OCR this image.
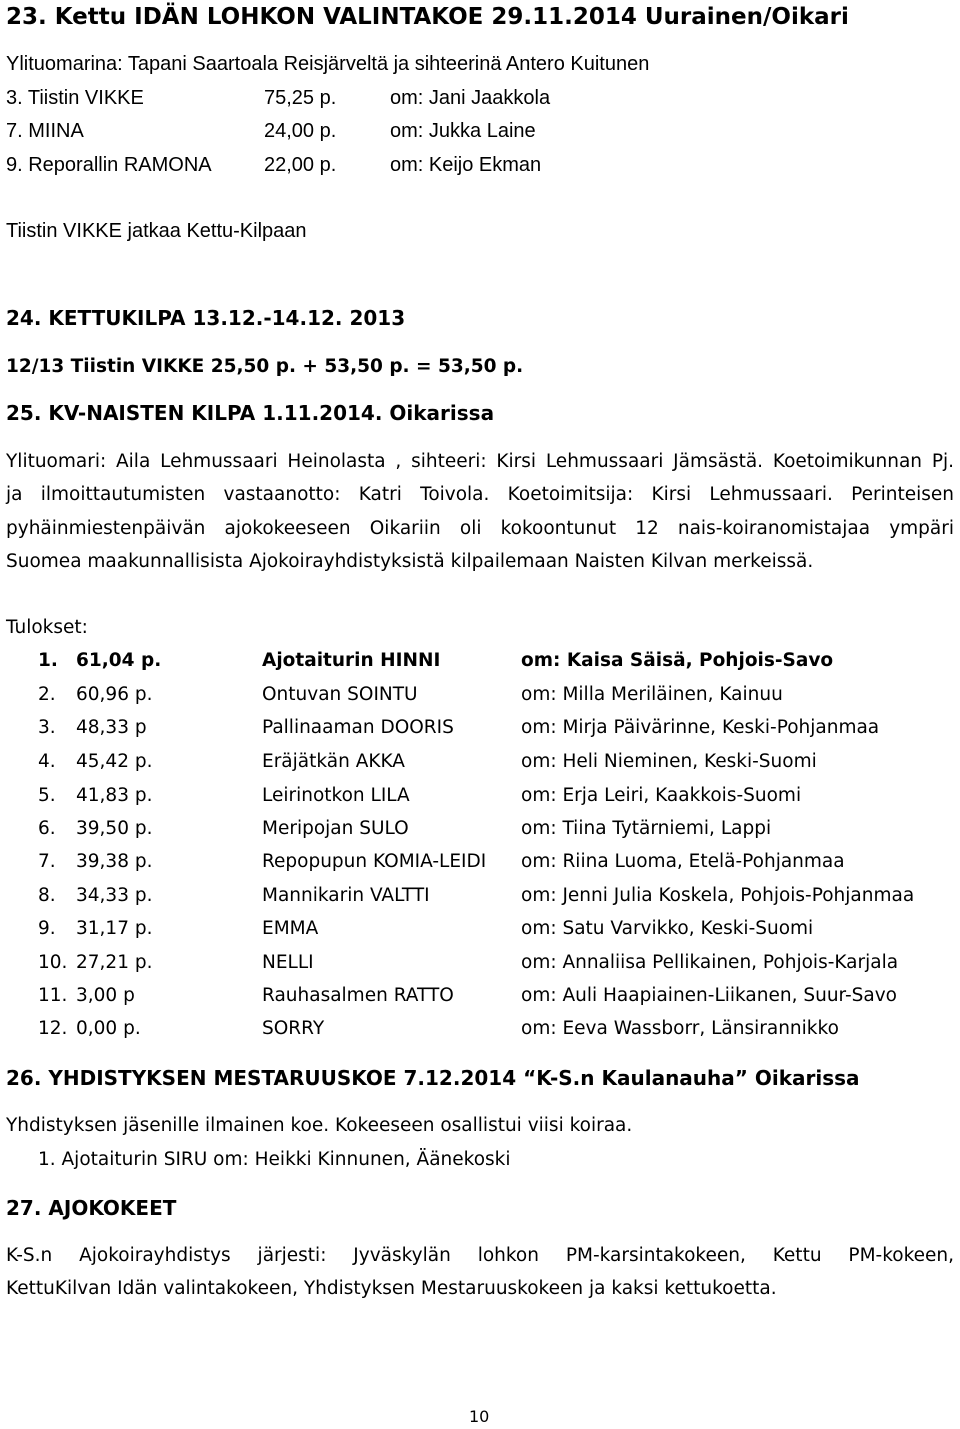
23. Kettu IDÄN LOHKON VALINTAKOE 29.11.2014 Uurainen/Oikari
Ylituomarina: Tapani Saartoala Reisjärveltä ja sihteerinä Antero Kuitunen
3. Tiistin VIKKE	75,25 p.	om: Jani Jaakkola
7. MIINA	24,00 p.	om: Jukka Laine
9. Reporallin RAMONA	22,00 p.	om: Keijo Ekman
Tiistin VIKKE jatkaa Kettu-Kilpaan
24. KETTUKILPA 13.12.-14.12. 2013
12/13 Tiistin VIKKE 25,50 p. + 53,50 p. = 53,50 p.
25. KV-NAISTEN KILPA 1.11.2014. Oikarissa
Ylituomari: Aila Lehmussaari Heinolasta , sihteeri: Kirsi Lehmussaari Jämsästä. Koetoimikunnan Pj.
ja ilmoittautumisten vastaanotto: Katri Toivola. Koetoimitsija: Kirsi Lehmussaari. Perinteisen
pyhäinmiestenpäivän ajokokeeseen Oikariin oli kokoontunut 12 nais-koiranomistajaa ympäri
Suomea maakunnallisista Ajokoirayhdistyksistä kilpailemaan Naisten Kilvan merkeissä.
Tulokset:
1. 61,04 p.	Ajotaiturin HINNI	om: Kaisa Säisä, Pohjois-Savo
2. 60,96 p.	Ontuvan SOINTU	om: Milla Meriläinen, Kainuu
3. 48,33 p	Pallinaaman DOORIS	om: Mirja Päivärinne, Keski-Pohjanmaa
4. 45,42 p.	Eräjätkän AKKA	om: Heli Nieminen, Keski-Suomi
5. 41,83 p.	Leirinotkon LILA	om: Erja Leiri, Kaakkois-Suomi
6. 39,50 p.	Meripojan SULO	om: Tiina Tytärniemi, Lappi
7. 39,38 p.	Repopupun KOMIA-LEIDI om: Riina Luoma, Etelä-Pohjanmaa
8. 34,33 p.	Mannikarin VALTTI	om: Jenni Julia Koskela, Pohjois-Pohjanmaa
9. 31,17 p.	EMMA	om: Satu Varvikko, Keski-Suomi
10. 27,21 p.	NELLI	om: Annaliisa Pellikainen, Pohjois-Karjala
11. 3,00 p	Rauhasalmen RATTO	om: Auli Haapiainen-Liikanen, Suur-Savo
12. 0,00 p.	SORRY	om: Eeva Wassborr, Länsirannikko
26. YHDISTYKSEN MESTARUUSKOE 7.12.2014 “K-S.n Kaulanauha” Oikarissa
Yhdistyksen jäsenille ilmainen koe. Kokeeseen osallistui viisi koiraa.
1. Ajotaiturin SIRU om: Heikki Kinnunen, Äänekoski
27. AJOKOKEET
K-S.n Ajokoirayhdistys järjesti: Jyväskylän lohkon PM-karsintakokeen, Kettu PM-kokeen,
KettuKilvan Idän valintakokeen, Yhdistyksen Mestaruuskokeen ja kaksi kettukoetta.
10
